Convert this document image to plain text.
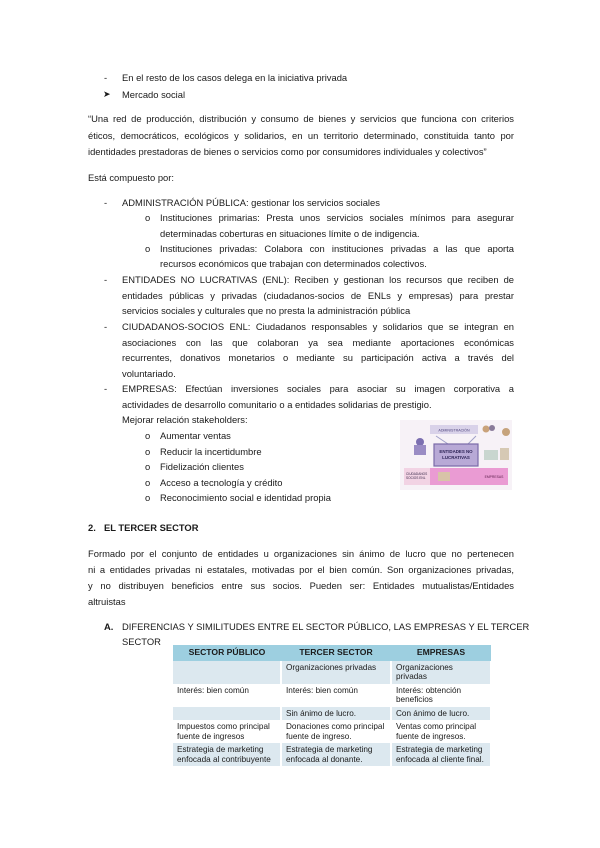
- En el resto de los casos delega en la iniciativa privada
➤ Mercado social
“Una red de producción, distribución y consumo de bienes y servicios que funciona con criterios
éticos, democráticos, ecológicos y solidarios, en un territorio determinado, constituida tanto por
identidades prestadoras de bienes o servicios como por consumidores individuales y colectivos”
Está compuesto por:
- ADMINISTRACIÓN PÚBLICA: gestionar los servicios sociales
o Instituciones primarias: Presta unos servicios sociales mínimos para asegurar
determinadas coberturas en situaciones límite o de indigencia.
o Instituciones privadas: Colabora con instituciones privadas a las que aporta
recursos económicos que trabajan con determinados colectivos.
- ENTIDADES NO LUCRATIVAS (ENL): Reciben y gestionan los recursos que reciben de
entidades públicas y privadas (ciudadanos-socios de ENLs y empresas) para prestar
servicios sociales y culturales que no presta la administración pública
- CIUDADANOS-SOCIOS ENL: Ciudadanos responsables y solidarios que se integran en
asociaciones con las que colaboran ya sea mediante aportaciones económicas
recurrentes, donativos monetarios o mediante su participación activa a través del
voluntariado.
- EMPRESAS: Efectúan inversiones sociales para asociar su imagen corporativa a
actividades de desarrollo comunitario o a entidades solidarias de prestigio.
Mejorar relación stakeholders:
o Aumentar ventas
o Reducir la incertidumbre
o Fidelización clientes
o Acceso a tecnología y crédito
o Reconocimiento social e identidad propia
ADMINISTRACIÓN
ENTIDADES NO
LUCRATIVAS
CIUDADANOS
SOCIOS ENL	EMPRESAS
2. EL TERCER SECTOR
Formado por el conjunto de entidades u organizaciones sin ánimo de lucro que no pertenecen
ni a entidades privadas ni estatales, motivadas por el bien común. Son organizaciones privadas,
y no distribuyen beneficios entre sus socios. Pueden ser: Entidades mutualistas/Entidades
altruistas
A. DIFERENCIAS Y SIMILITUDES ENTRE EL SECTOR PÚBLICO, LAS EMPRESAS Y EL TERCER
SECTOR
SECTOR PÚBLICO	TERCER SECTOR	EMPRESAS
	Organizaciones privadas	Organizaciones privadas
Interés: bien común	Interés: bien común	Interés: obtención beneficios
	Sin ánimo de lucro.	Con ánimo de lucro.
Impuestos como principal fuente de ingresos	Donaciones como principal fuente de ingreso.	Ventas como principal fuente de ingresos.
Estrategia de marketing enfocada al contribuyente	Estrategia de marketing enfocada al donante.	Estrategia de marketing enfocada al cliente final.
